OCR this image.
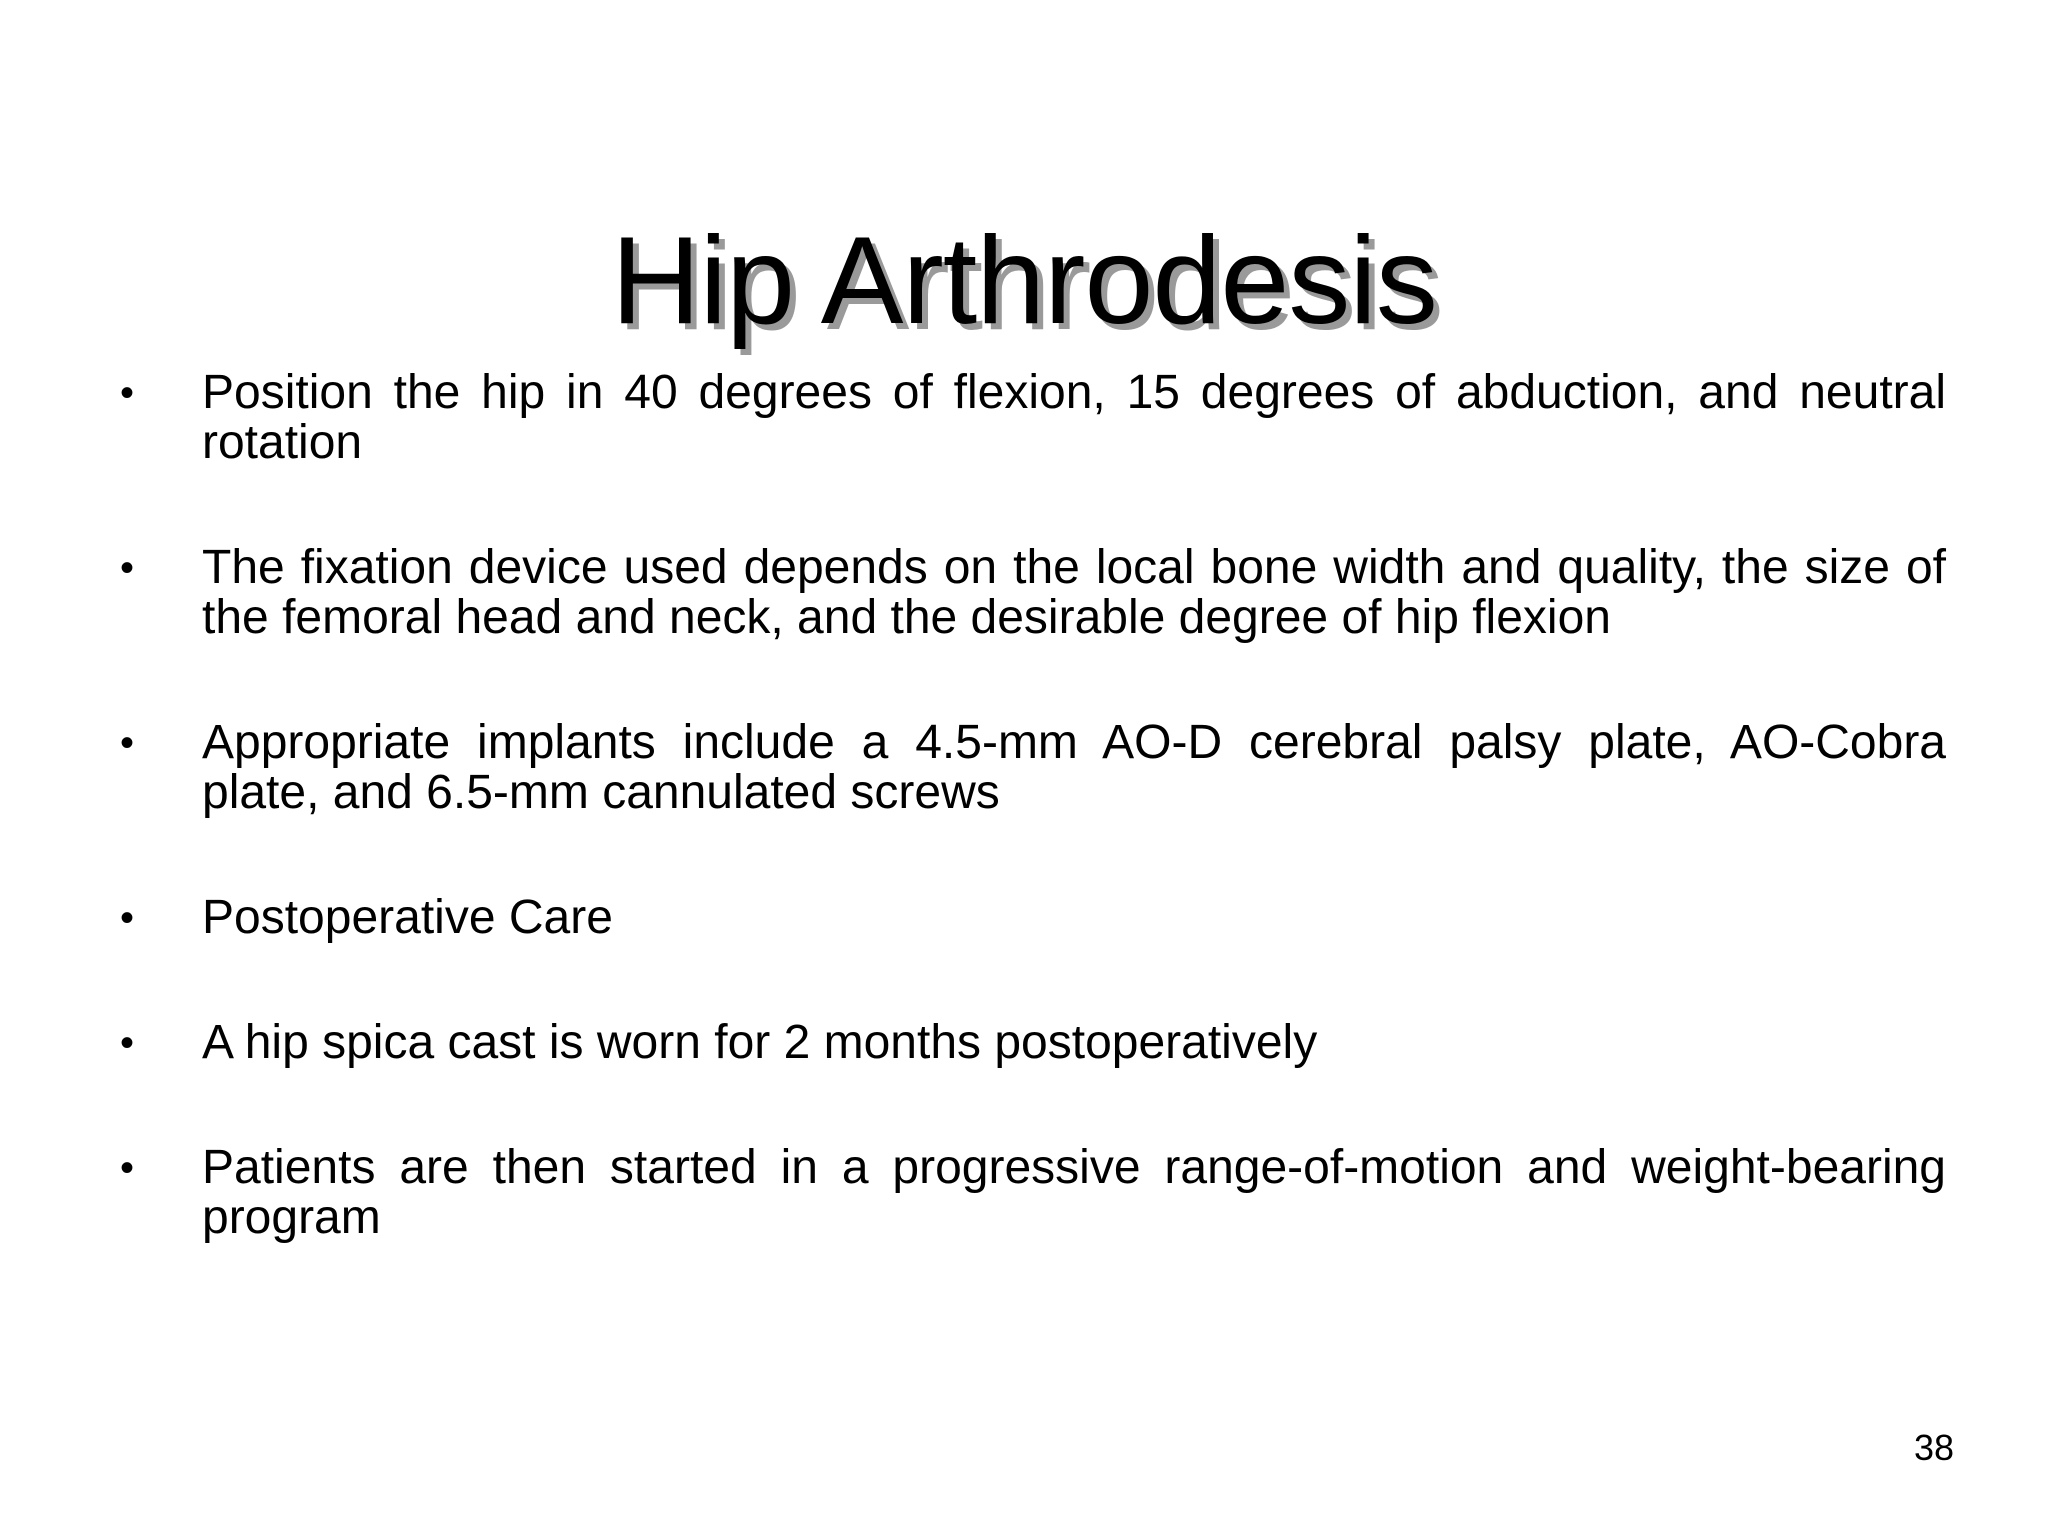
Hip Arthrodesis
•	Position the hip in 40 degrees of flexion, 15 degrees of abduction, and neutral rotation
•	The fixation device used depends on the local bone width and quality, the size of the femoral head and neck, and the desirable degree of hip flexion
•	Appropriate implants include a 4.5-mm AO-D cerebral palsy plate, AO-Cobra plate, and 6.5-mm cannulated screws
•	Postoperative Care
•	A hip spica cast is worn for 2 months postoperatively
•	Patients are then started in a progressive range-of-motion and weight-bearing program
38
